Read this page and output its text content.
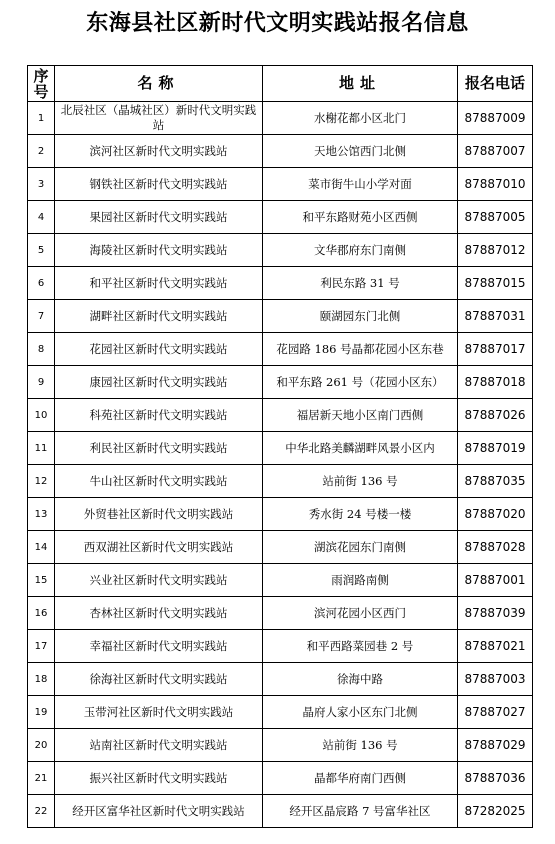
东海县社区新时代文明实践站报名信息
序
号	名称	地址	报名电话
1	北辰社区（晶城社区）新时代文明实践站	水榭花都小区北门	87887009
2	滨河社区新时代文明实践站	天地公馆西门北侧	87887007
3	钢铁社区新时代文明实践站	菜市街牛山小学对面	87887010
4	果园社区新时代文明实践站	和平东路财苑小区西侧	87887005
5	海陵社区新时代文明实践站	文华郡府东门南侧	87887012
6	和平社区新时代文明实践站	利民东路 31 号	87887015
7	湖畔社区新时代文明实践站	颐湖园东门北侧	87887031
8	花园社区新时代文明实践站	花园路 186 号晶都花园小区东巷	87887017
9	康园社区新时代文明实践站	和平东路 261 号（花园小区东）	87887018
10	科苑社区新时代文明实践站	福居新天地小区南门西侧	87887026
11	利民社区新时代文明实践站	中华北路美麟湖畔风景小区内	87887019
12	牛山社区新时代文明实践站	站前街 136 号	87887035
13	外贸巷社区新时代文明实践站	秀水街 24 号楼一楼	87887020
14	西双湖社区新时代文明实践站	湖滨花园东门南侧	87887028
15	兴业社区新时代文明实践站	雨润路南侧	87887001
16	杏林社区新时代文明实践站	滨河花园小区西门	87887039
17	幸福社区新时代文明实践站	和平西路菜园巷 2 号	87887021
18	徐海社区新时代文明实践站	徐海中路	87887003
19	玉带河社区新时代文明实践站	晶府人家小区东门北侧	87887027
20	站南社区新时代文明实践站	站前街 136 号	87887029
21	振兴社区新时代文明实践站	晶都华府南门西侧	87887036
22	经开区富华社区新时代文明实践站	经开区晶宸路 7 号富华社区	87282025
